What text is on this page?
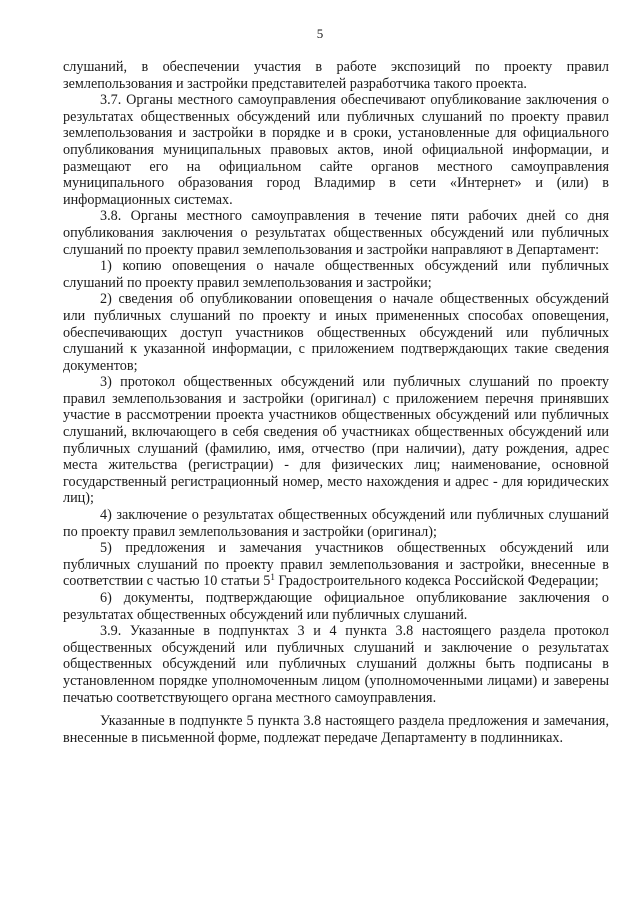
5

слушаний, в обеспечении участия в работе экспозиций по проекту правил землепользования и застройки представителей разработчика такого проекта.

3.7. Органы местного самоуправления обеспечивают опубликование заключения о результатах общественных обсуждений или публичных слушаний по проекту правил землепользования и застройки в порядке и в сроки, установленные для официального опубликования муниципальных правовых актов, иной официальной информации, и размещают его на официальном сайте органов местного самоуправления муниципального образования город Владимир в сети «Интернет» и (или) в информационных системах.

3.8. Органы местного самоуправления в течение пяти рабочих дней со дня опубликования заключения о результатах общественных обсуждений или публичных слушаний по проекту правил землепользования и застройки направляют в Департамент:

1) копию оповещения о начале общественных обсуждений или публичных слушаний по проекту правил землепользования и застройки;

2) сведения об опубликовании оповещения о начале общественных обсуждений или публичных слушаний по проекту и иных примененных способах оповещения, обеспечивающих доступ участников общественных обсуждений или публичных слушаний к указанной информации, с приложением подтверждающих такие сведения документов;

3) протокол общественных обсуждений или публичных слушаний по проекту правил землепользования и застройки (оригинал) с приложением перечня принявших участие в рассмотрении проекта участников общественных обсуждений или публичных слушаний, включающего в себя сведения об участниках общественных обсуждений или публичных слушаний (фамилию, имя, отчество (при наличии), дату рождения, адрес места жительства (регистрации) - для физических лиц; наименование, основной государственный регистрационный номер, место нахождения и адрес - для юридических лиц);

4) заключение о результатах общественных обсуждений или публичных слушаний по проекту правил землепользования и застройки (оригинал);

5) предложения и замечания участников общественных обсуждений или публичных слушаний по проекту правил землепользования и застройки, внесенные в соответствии с частью 10 статьи $5^1$ Градостроительного кодекса Российской Федерации;

6) документы, подтверждающие официальное опубликование заключения о результатах общественных обсуждений или публичных слушаний.

3.9. Указанные в подпунктах 3 и 4 пункта 3.8 настоящего раздела протокол общественных обсуждений или публичных слушаний и заключение о результатах общественных обсуждений или публичных слушаний должны быть подписаны в установленном порядке уполномоченным лицом (уполномоченными лицами) и заверены печатью соответствующего органа местного самоуправления.

Указанные в подпункте 5 пункта 3.8 настоящего раздела предложения и замечания, внесенные в письменной форме, подлежат передаче Департаменту в подлинниках.
